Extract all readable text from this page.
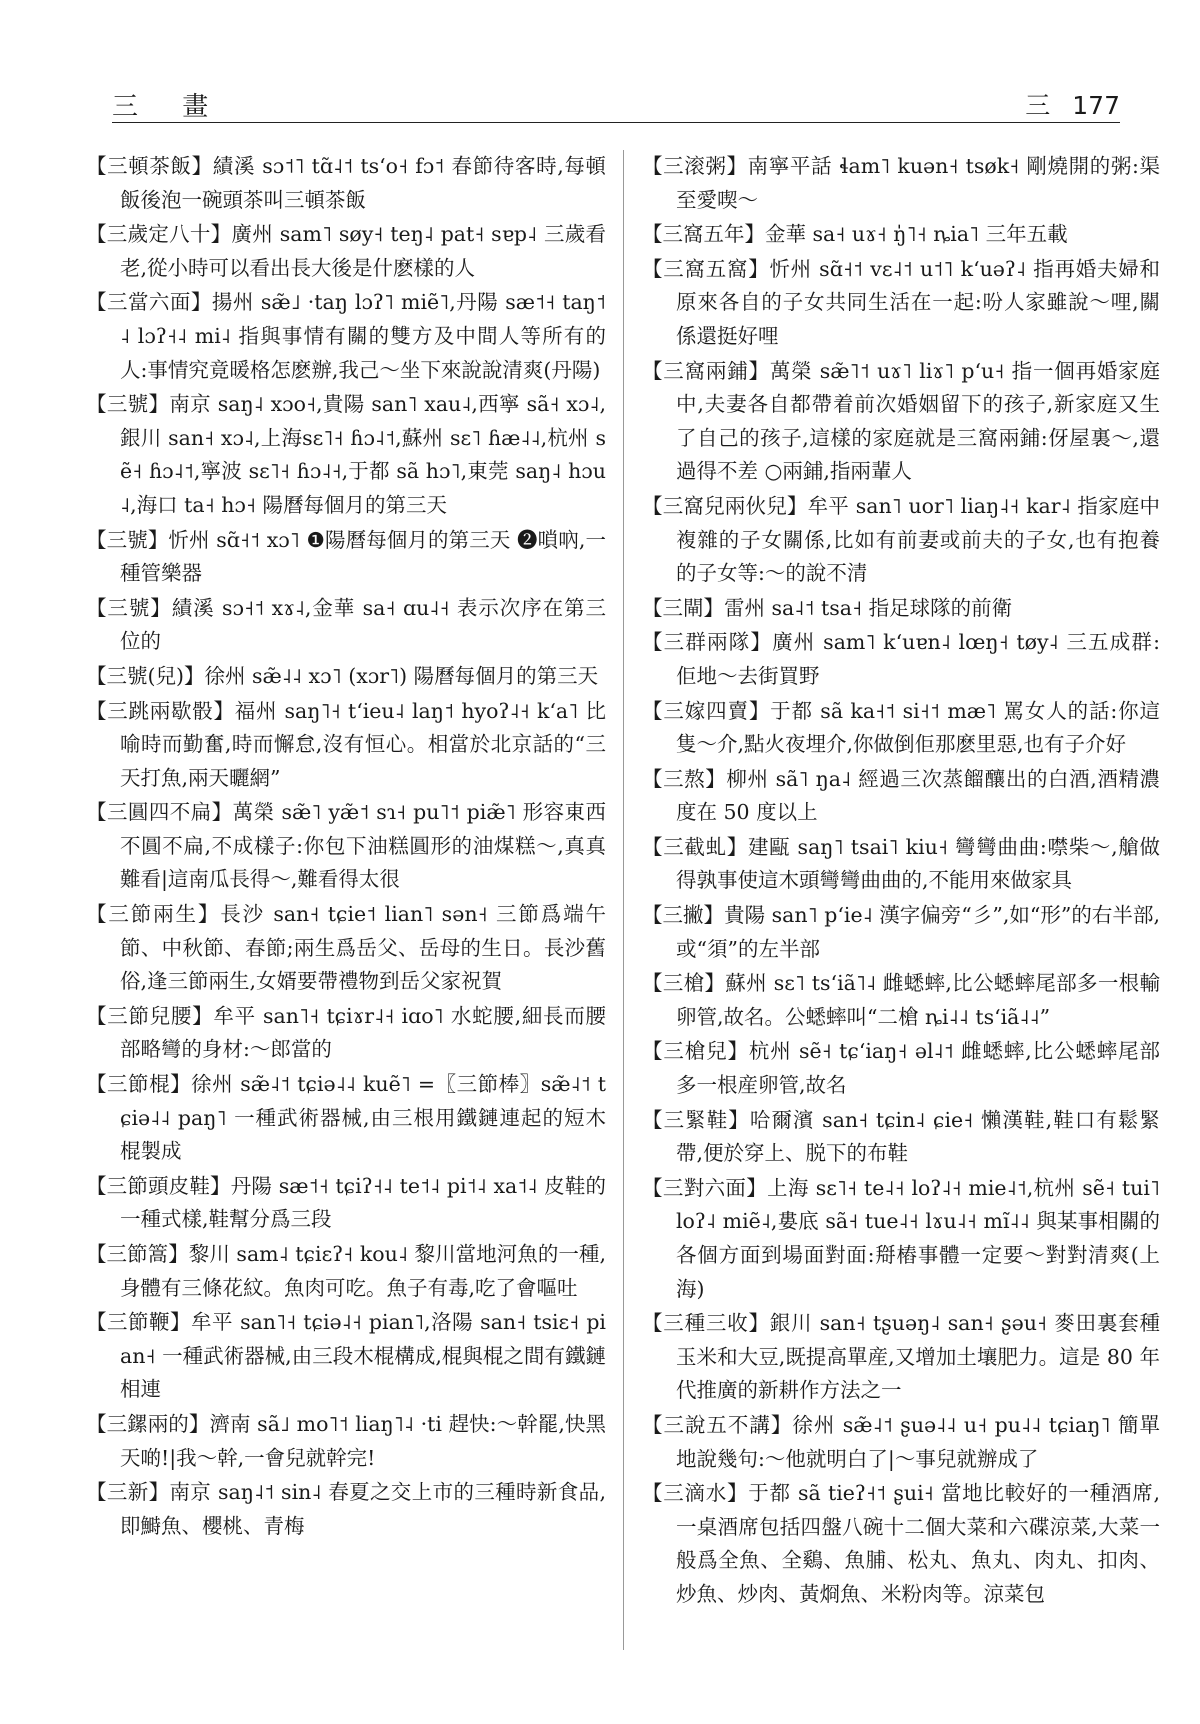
三 畫	三 177

【三頓茶飯】績溪 sɔ˦˥ tɑ̃˨˦ tsʻo˧ fɔ˦ 春節待客時,每頓飯後泡一碗頭茶叫三頓茶飯

【三歲定八十】廣州 sam˥ søy˧ teŋ˨ pat˧ sɐp˨ 三歲看老,從小時可以看出長大後是什麽樣的人

【三當六面】揚州 sæ̃˩ ·taŋ lɔʔ˥ miẽ˥,丹陽 sæ˦˧ taŋ˦˨ lɔʔ˧˨ mi˨ 指與事情有關的雙方及中間人等所有的人:事情究竟暖格怎麽辦,我己～坐下來說說清爽(丹陽)

【三號】南京 saŋ˨ xɔo˧,貴陽 san˥ xau˨,西寧 sã˧ xɔ˨,銀川 san˧ xɔ˨,上海sɛ˥˧ ɦɔ˨˦,蘇州 sɛ˥ ɦæ˨˨,杭州 sẽ˧ ɦɔ˨˦,寧波 sɛ˥˧ ɦɔ˨˧,于都 sã hɔ˥,東莞 saŋ˨ hɔu˨,海口 ta˧ hɔ˧ 陽曆每個月的第三天

【三號】忻州 sɑ̃˧˦ xɔ˥ ❶陽曆每個月的第三天 ❷嗩吶,一種管樂器

【三號】績溪 sɔ˧˦ xɤ˨,金華 sa˧ ɑu˨˧ 表示次序在第三位的

【三號(兒)】徐州 sæ̃˨˨ xɔ˥ (xɔr˥) 陽曆每個月的第三天

【三跳兩歇骰】福州 saŋ˥˧ tʻieu˨ laŋ˦ hyoʔ˨˧ kʻa˥ 比喻時而勤奮,時而懈怠,沒有恒心。相當於北京話的“三天打魚,兩天曬網”

【三圓四不扁】萬榮 sæ̃˥ yæ̃˦ sɿ˧ pu˥˦ piæ̃˥ 形容東西不圓不扁,不成樣子:你包下油糕圓形的油煤糕～,真真難看|這南瓜長得～,難看得太很

【三節兩生】長沙 san˧ tɕie˦ lian˥ sən˧ 三節爲端午節、中秋節、春節;兩生爲岳父、岳母的生日。長沙舊俗,逢三節兩生,女婿要帶禮物到岳父家祝賀

【三節兒腰】牟平 san˥˧ tɕiɤr˨˧ iɑo˥ 水蛇腰,細長而腰部略彎的身材:～郎當的

【三節棍】徐州 sæ̃˨˦ tɕiə˨˨ kuẽ˥ =〖三節棒〗sæ̃˨˦ tɕiə˨˨ paŋ˥ 一種武術器械,由三根用鐵鏈連起的短木棍製成

【三節頭皮鞋】丹陽 sæ˦˧ tɕiʔ˧˨ te˦˨ pi˦˨ xa˦˨ 皮鞋的一種式樣,鞋幫分爲三段

【三節篙】黎川 sam˨ tɕiɛʔ˧ kou˨ 黎川當地河魚的一種,身體有三條花紋。魚肉可吃。魚子有毒,吃了會嘔吐

【三節鞭】牟平 san˥˧ tɕiə˨˧ pian˥,洛陽 san˧ tsiɛ˧ pian˧ 一種武術器械,由三段木棍構成,棍與棍之間有鐵鏈相連

【三鏍兩的】濟南 sã˩ mo˥˦ liaŋ˥˨ ·ti 趕快:～幹罷,快黑天啲!|我～幹,一會兒就幹完!

【三新】南京 saŋ˨˦ sin˨ 春夏之交上市的三種時新食品,即鰣魚、櫻桃、青梅

【三滚粥】南寧平話 ɬam˥ kuən˧ tsøk˧ 剛燒開的粥:渠至愛喫～

【三窩五年】金華 sa˧ uɤ˧ ŋ̍˥˧ ȵia˥ 三年五載

【三窩五窩】忻州 sɑ̃˧˦ vɛ˨˦ u˦˥ kʻuəʔ˨ 指再婚夫婦和原來各自的子女共同生活在一起:吩人家雖說～哩,關係還挺好哩

【三窩兩鋪】萬榮 sæ̃˥˦ uɤ˥ liɤ˥ pʻu˧ 指一個再婚家庭中,夫妻各自都帶着前次婚姻留下的孩子,新家庭又生了自己的孩子,這樣的家庭就是三窩兩鋪:伢屋裏～,還過得不差 ○兩鋪,指兩輩人

【三窩兒兩伙兒】牟平 san˥ uor˥ liaŋ˨˧ kar˨ 指家庭中複雜的子女關係,比如有前妻或前夫的子女,也有抱養的子女等:～的說不清

【三閘】雷州 sa˨˦ tsa˧ 指足球隊的前衛

【三群兩隊】廣州 sam˥ kʻuɐn˨ lœŋ˧ tøy˨ 三五成群:佢地～去街買野

【三嫁四賣】于都 sã ka˧˦ si˧˦ mæ˥ 罵女人的話:你這隻～介,點火夜埋介,你做倒佢那麽里惡,也有子介好

【三熬】柳州 sã˥ ŋa˨ 經過三次蒸餾釀出的白酒,酒精濃度在 50 度以上

【三截虬】建甌 saŋ˥ tsai˥ kiu˧ 彎彎曲曲:噤柴～,艙做得孰事使這木頭彎彎曲曲的,不能用來做家具

【三撇】貴陽 san˥ pʻie˨ 漢字偏旁“彡”,如“形”的右半部,或“須”的左半部

【三槍】蘇州 sɛ˥ tsʻiã˥˨ 雌蟋蟀,比公蟋蟀尾部多一根輸卵管,故名。公蟋蟀叫“二槍 ȵi˨˨ tsʻiã˨˨”

【三槍兒】杭州 sẽ˧ tɕʻiaŋ˧ əl˨˦ 雌蟋蟀,比公蟋蟀尾部多一根産卵管,故名

【三緊鞋】哈爾濱 san˧ tɕin˨ ɕie˧ 懶漢鞋,鞋口有鬆緊帶,便於穿上、脱下的布鞋

【三對六面】上海 sɛ˥˧ te˨˧ loʔ˨˧ mie˨˦,杭州 sẽ˧ tui˥ loʔ˨ miẽ˨,婁底 sã˧ tue˨˧ lɤu˨˧ mĩ˨˨ 與某事相關的各個方面到場面對面:搿樁事體一定要～對對清爽(上海)

【三種三收】銀川 san˧ tʂuəŋ˨ san˧ ʂəu˧ 麥田裏套種玉米和大豆,既提高單産,又增加土壤肥力。這是 80 年代推廣的新耕作方法之一

【三說五不講】徐州 sæ̃˨˦ ʂuə˨˨ u˧ pu˨˨ tɕiaŋ˥ 簡單地說幾句:～他就明白了|～事兒就辦成了

【三滴水】于都 sã tieʔ˧˦ ʂui˧ 當地比較好的一種酒席,一桌酒席包括四盤八碗十二個大菜和六碟涼菜,大菜一般爲全魚、全鷄、魚脯、松丸、魚丸、肉丸、扣肉、炒魚、炒肉、黃烱魚、米粉肉等。涼菜包
